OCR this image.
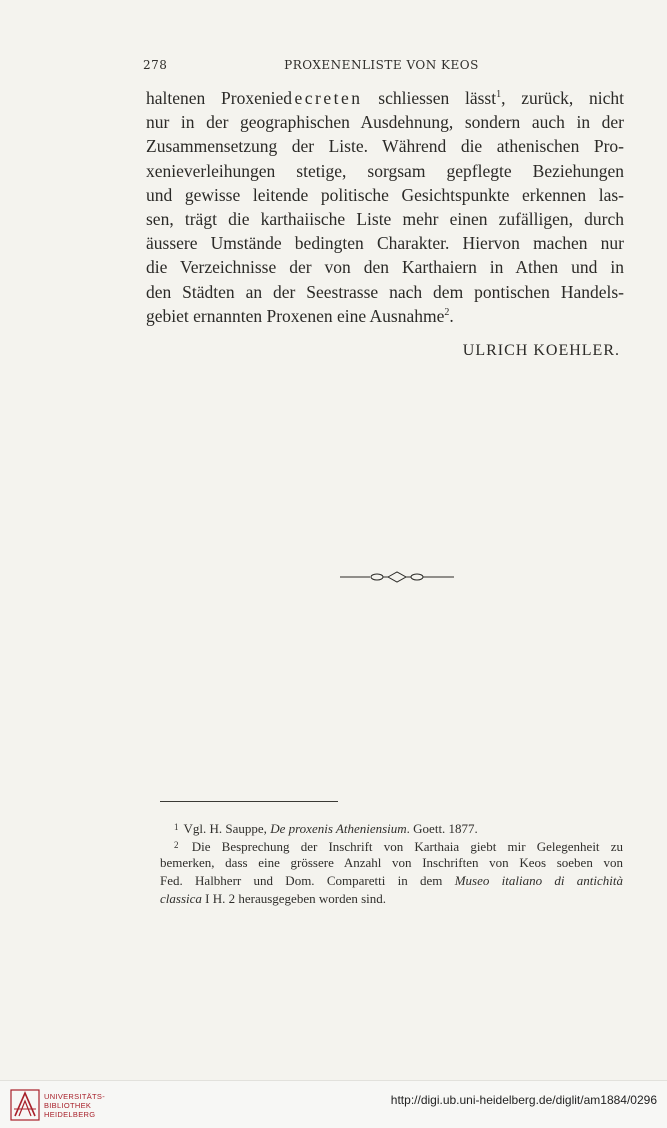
278	PROXENENLISTE VON KEOS
haltenen Proxeniedecreten schliessen lässt$^1$, zurück, nicht
nur in der geographischen Ausdehnung, sondern auch in der
Zusammensetzung der Liste. Während die athenischen Pro-
xenieverleihungen stetige, sorgsam gepflegte Beziehungen
und gewisse leitende politische Gesichtspunkte erkennen las-
sen, trägt die karthaiische Liste mehr einen zufälligen, durch
äussere Umstände bedingten Charakter. Hiervon machen nur
die Verzeichnisse der von den Karthaiern in Athen und in
den Städten an der Seestrasse nach dem pontischen Handels-
gebiet ernannten Proxenen eine Ausnahme$^2$.
ULRICH KOEHLER.
$^1$ Vgl. H. Sauppe, De proxenis Atheniensium. Goett. 1877.
$^2$ Die Besprechung der Inschrift von Karthaia giebt mir Gelegenheit zu
bemerken, dass eine grössere Anzahl von Inschriften von Keos soeben von
Fed. Halbherr und Dom. Comparetti in dem Museo italiano di antichità
classica I H. 2 herausgegeben worden sind.
UNIVERSITÄTS-
BIBLIOTHEK
HEIDELBERG
http://digi.ub.uni-heidelberg.de/diglit/am1884/0296
